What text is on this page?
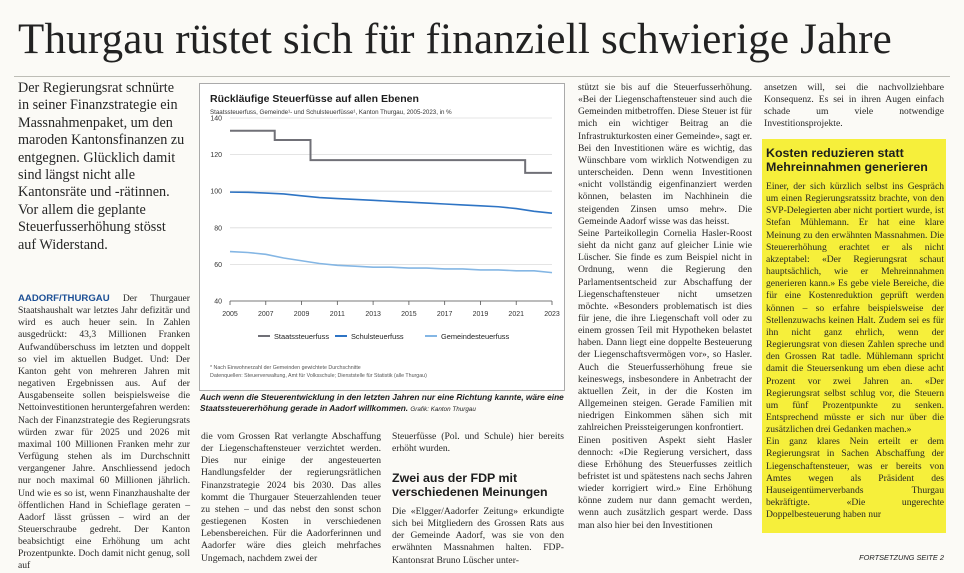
Thurgau rüstet sich für finanziell schwierige Jahre

Der Regierungsrat schnürte in seiner Finanzstrategie ein Massnahmenpaket, um den maroden Kantonsfinanzen zu entgegnen. Glücklich damit sind längst nicht alle Kantonsräte und -rätinnen. Vor allem die geplante Steuerfusserhöhung stösst auf Widerstand.

AADORF/THURGAU Der Thurgauer Staatshaushalt war letztes Jahr defizitär und wird es auch heuer sein. In Zahlen ausgedrückt: 43,3 Millionen Franken Aufwandüberschuss im letzten und doppelt so viel im aktuellen Budget. Und: Der Kanton geht von mehreren Jahren mit negativen Ergebnissen aus. Auf der Ausgabenseite sollen beispielsweise die Nettoinvestitionen heruntergefahren werden: Nach der Finanzstrategie des Regierungsrats würden zwar für 2025 und 2026 mit maximal 100 Millionen Franken mehr zur Verfügung stehen als im Durchschnitt vergangener Jahre. Anschliessend jedoch nur noch maximal 60 Millionen jährlich. Und wie es so ist, wenn Finanzhaushalte der öffentlichen Hand in Schieflage geraten – Aadorf lässt grüssen – wird an der Steuerschraube gedreht. Der Kanton beabsichtigt eine Erhöhung um acht Prozentpunkte. Doch damit nicht genug, soll auf

Rückläufige Steuerfüsse auf allen Ebenen
Staatssteuerfuss, Gemeinde¹- und Schulsteuerfüsse¹, Kanton Thurgau, 2005-2023, in %
40
60
80
100
120
140
2005	2007	2009	2011	2013	2015	2017	2019	2021	2023
Staatssteuerfuss	Schulsteuerfuss	Gemeindesteuerfuss
* Nach Einwohnerzahl der Gemeinden gewichtete Durchschnitte
Datenquellen: Steuerverwaltung, Amt für Volksschule; Dienststelle für Statistik (alle Thurgau)

Auch wenn die Steuerentwicklung in den letzten Jahren nur eine Richtung kannte, wäre eine Staatssteuererhöhung gerade in Aadorf willkommen. Grafik: Kanton Thurgau

die vom Grossen Rat verlangte Abschaffung der Liegenschaftensteuer verzichtet werden. Dies nur einige der angesteuerten Handlungsfelder der regierungsrätlichen Finanzstrategie 2024 bis 2030. Das alles kommt die Thurgauer Steuerzahlenden teuer zu stehen – und das nebst den sonst schon gestiegenen Kosten in verschiedenen Lebensbereichen. Für die Aadorferinnen und Aadorfer wäre dies gleich mehrfaches Ungemach, nachdem zwei der

Steuerfüsse (Pol. und Schule) hier bereits erhöht wurden.

Zwei aus der FDP mit verschiedenen Meinungen

Die «Elgger/Aadorfer Zeitung» erkundigte sich bei Mitgliedern des Grossen Rats aus der Gemeinde Aadorf, was sie von den erwähnten Massnahmen halten. FDP-Kantonsrat Bruno Lüscher unter-

stützt sie bis auf die Steuerfusserhöhung. «Bei der Liegenschaftensteuer sind auch die Gemeinden mitbetroffen. Diese Steuer ist für mich ein wichtiger Beitrag an die Infrastrukturkosten einer Gemeinde», sagt er. Bei den Investitionen wäre es wichtig, das Wünschbare vom wirklich Notwendigen zu unterscheiden. Denn wenn Investitionen «nicht vollständig eigenfinanziert werden können, belasten im Nachhinein die steigenden Zinsen umso mehr». Die Gemeinde Aadorf wisse was das heisst.
Seine Parteikollegin Cornelia Hasler-Roost sieht da nicht ganz auf gleicher Linie wie Lüscher. Sie finde es zum Beispiel nicht in Ordnung, wenn die Regierung den Parlamentsentscheid zur Abschaffung der Liegenschaftensteuer nicht umsetzen möchte. «Besonders problematisch ist dies für jene, die ihre Liegenschaft voll oder zu einem grossen Teil mit Hypotheken belastet haben. Dann liegt eine doppelte Besteuerung der Liegenschaftsvermögen vor», so Hasler. Auch die Steuerfusserhöhung freue sie keineswegs, insbesondere in Anbetracht der aktuellen Zeit, in der die Kosten im Allgemeinen steigen. Gerade Familien mit niedrigen Einkommen sähen sich mit zahlreichen Preissteigerungen konfrontiert.
Einen positiven Aspekt sieht Hasler dennoch: «Die Regierung versichert, dass diese Erhöhung des Steuerfusses zeitlich befristet ist und spätestens nach sechs Jahren wieder korrigiert wird.» Eine Erhöhung könne zudem nur dann gemacht werden, wenn auch zusätzlich gespart werde. Dass man also hier bei den Investitionen

ansetzen will, sei die nachvollziehbare Konsequenz. Es sei in ihren Augen einfach schade um viele notwendige Investitionsprojekte.

Kosten reduzieren statt Mehreinnahmen generieren

Einer, der sich kürzlich selbst ins Gespräch um einen Regierungsratssitz brachte, von den SVP-Delegierten aber nicht portiert wurde, ist Stefan Mühlemann. Er hat eine klare Meinung zu den erwähnten Massnahmen. Die Steuererhöhung erachtet er als nicht akzeptabel: «Der Regierungsrat schaut hauptsächlich, wie er Mehreinnahmen generieren kann.» Es gebe viele Bereiche, die für eine Kostenreduktion geprüft werden können – so erfahre beispielsweise der Stellenzuwachs keinen Halt. Zudem sei es für ihn nicht ganz ehrlich, wenn der Regierungsrat von diesen Zahlen spreche und den Grossen Rat tadle. Mühlemann spricht damit die Steuersenkung um eben diese acht Prozent vor zwei Jahren an. «Der Regierungsrat selbst schlug vor, die Steuern um fünf Prozentpunkte zu senken. Entsprechend müsste er sich nur über die zusätzlichen drei Gedanken machen.»
Ein ganz klares Nein erteilt er dem Regierungsrat in Sachen Abschaffung der Liegenschaftensteuer, was er bereits von Amtes wegen als Präsident des Hauseigentümerverbands Thurgau bekräftigte. «Die ungerechte Doppelbesteuerung haben nur

FORTSETZUNG SEITE 2
